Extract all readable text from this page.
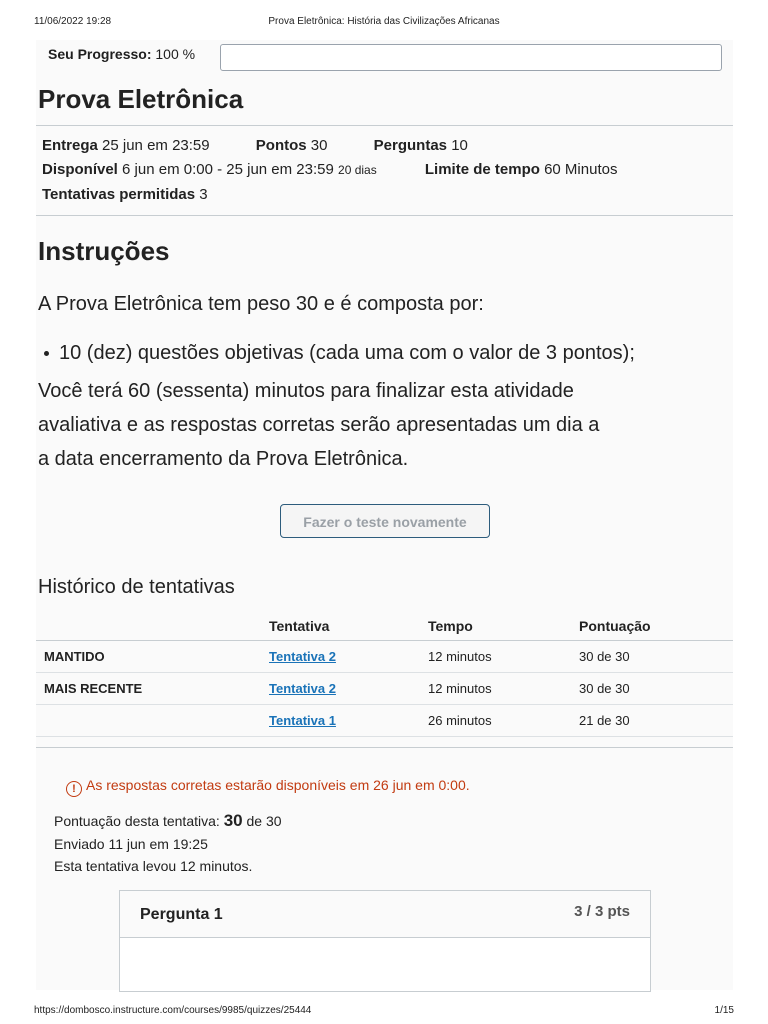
11/06/2022 19:28	Prova Eletrônica: História das Civilizações Africanas
Seu Progresso: 100 %
Prova Eletrônica
Entrega 25 jun em 23:59	Pontos 30	Perguntas 10
Disponível 6 jun em 0:00 - 25 jun em 23:59 20 dias	Limite de tempo 60 Minutos
Tentativas permitidas 3
Instruções
A Prova Eletrônica tem peso 30 e é composta por:
10 (dez) questões objetivas (cada uma com o valor de 3 pontos);
Você terá 60 (sessenta) minutos para finalizar esta atividade
avaliativa e as respostas corretas serão apresentadas um dia a
a data encerramento da Prova Eletrônica.
Fazer o teste novamente
Histórico de tentativas
	Tentativa	Tempo	Pontuação
MANTIDO	Tentativa 2	12 minutos	30 de 30
MAIS RECENTE	Tentativa 2	12 minutos	30 de 30
	Tentativa 1	26 minutos	21 de 30
! As respostas corretas estarão disponíveis em 26 jun em 0:00.
Pontuação desta tentativa: 30 de 30
Enviado 11 jun em 19:25
Esta tentativa levou 12 minutos.
Pergunta 1	3 / 3 pts
https://dombosco.instructure.com/courses/9985/quizzes/25444	1/15
